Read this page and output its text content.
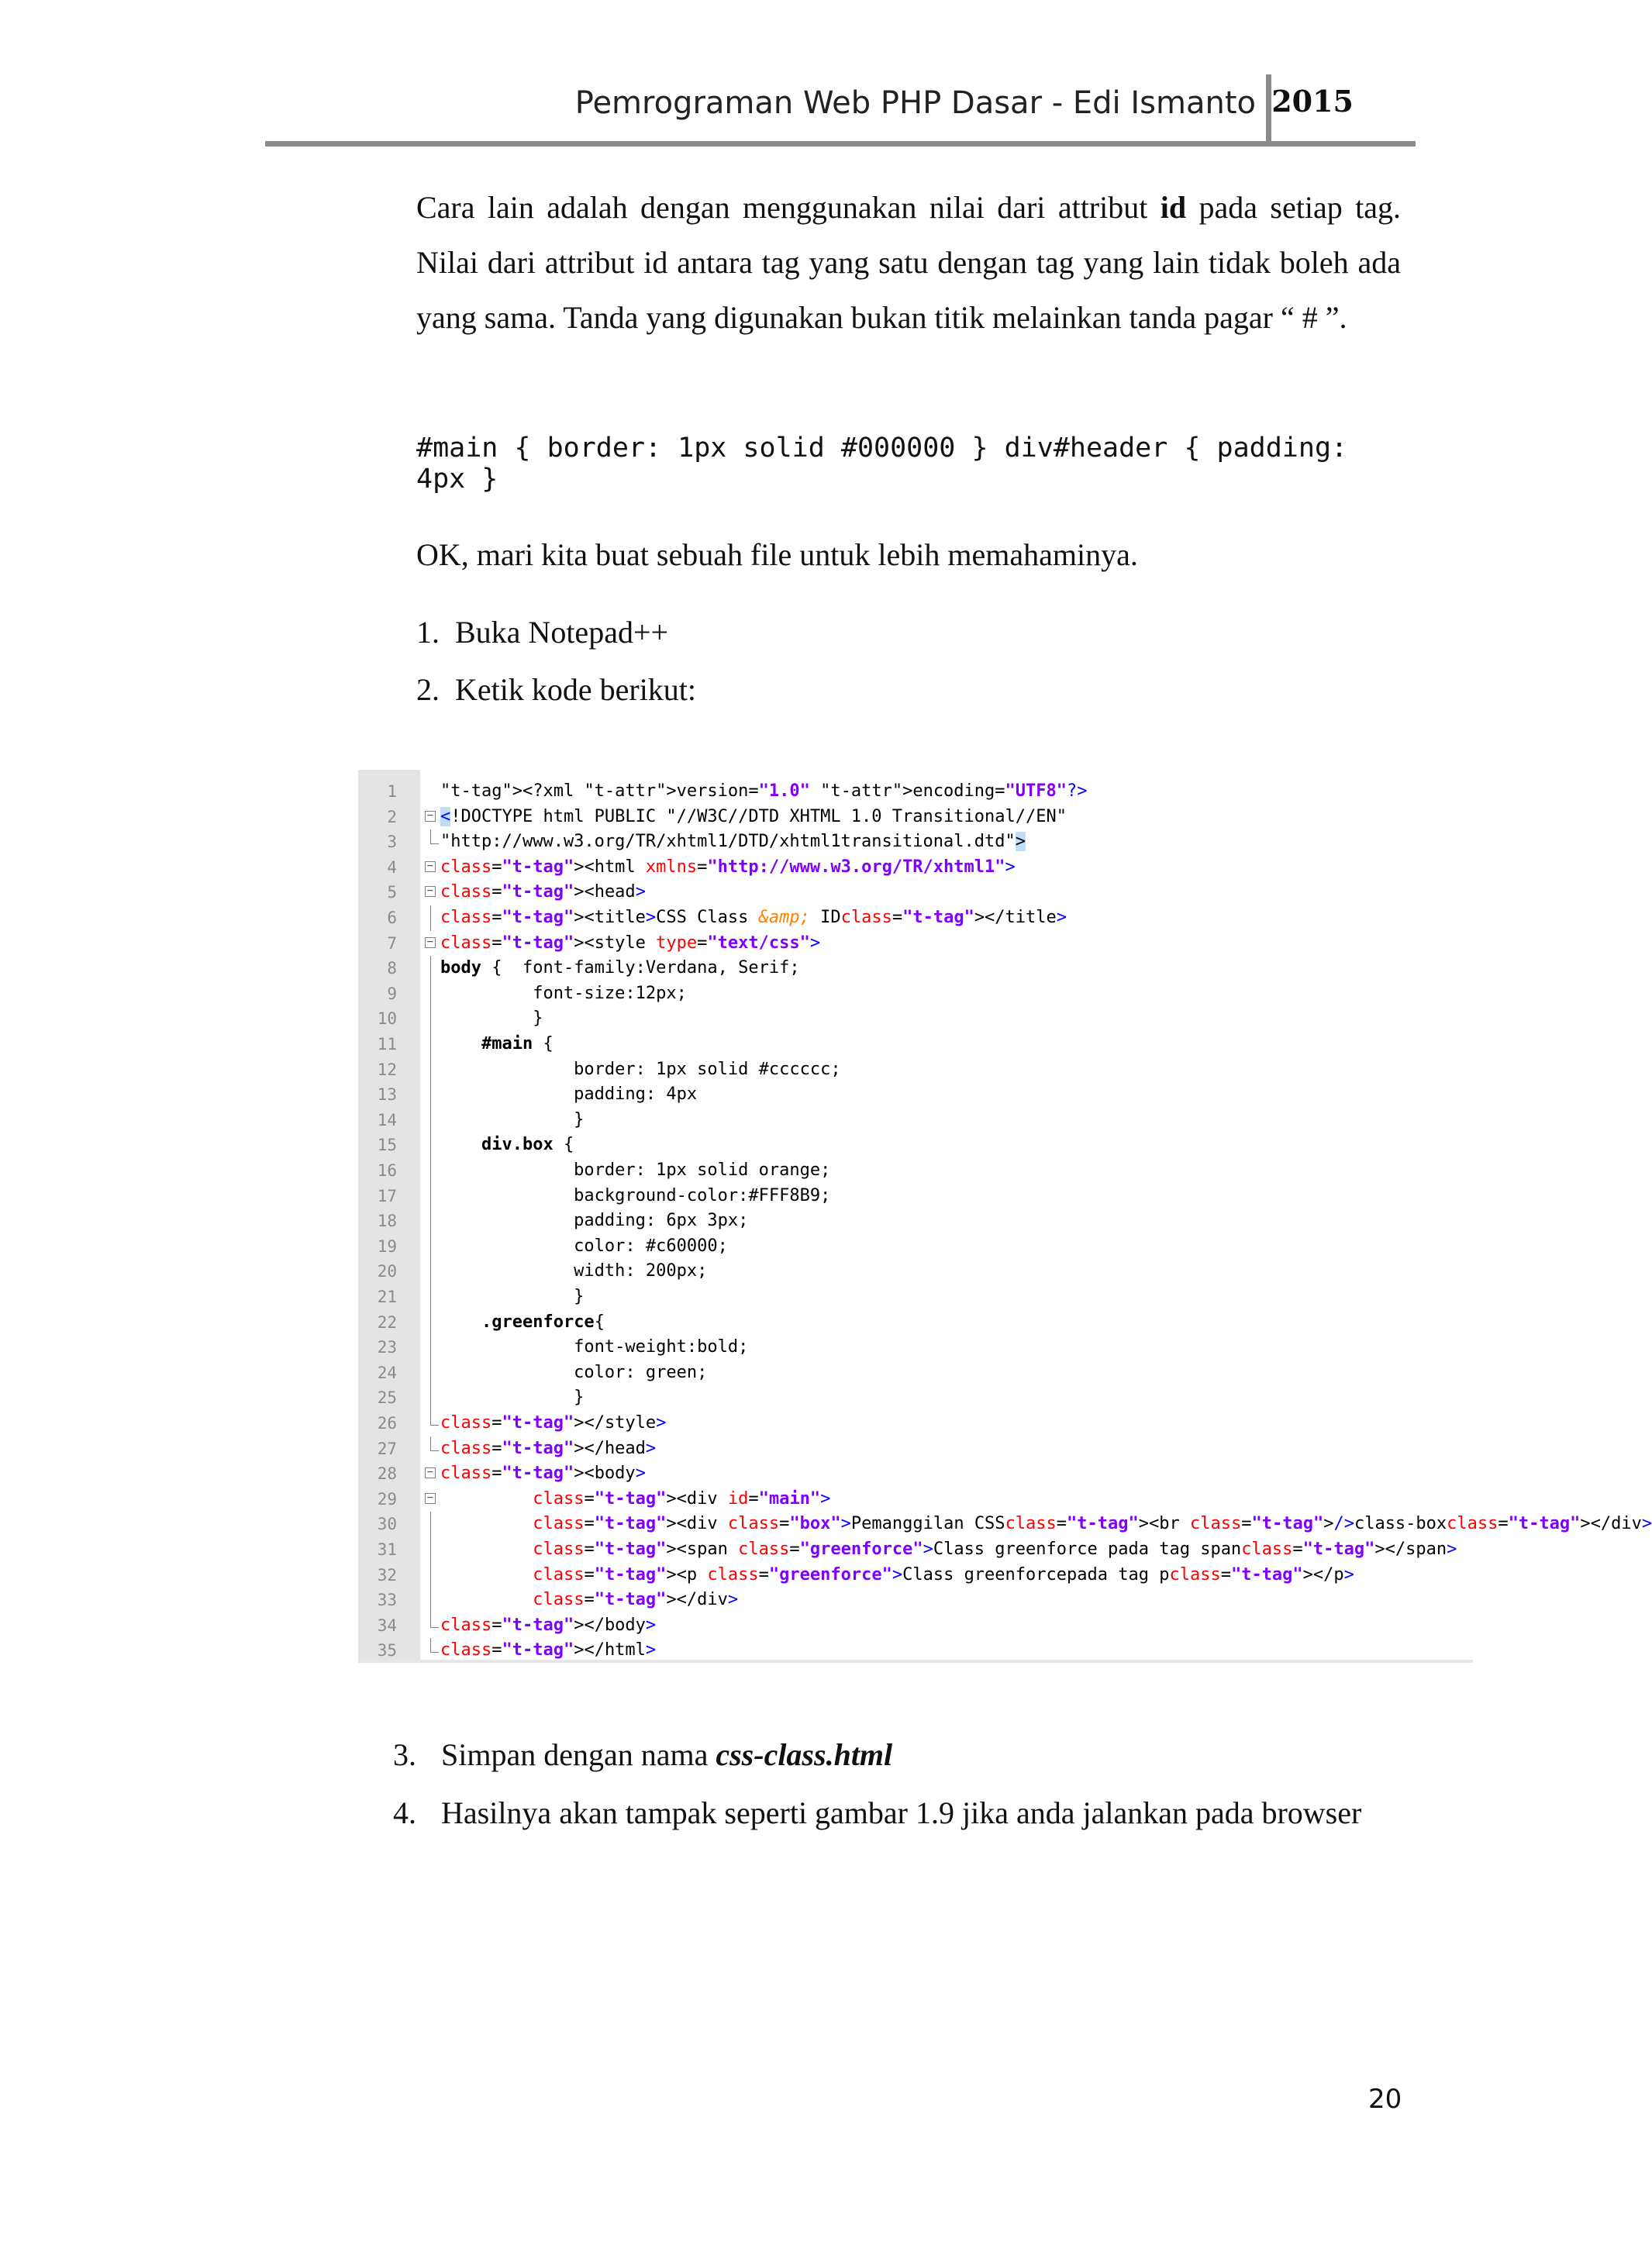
Pemrograman Web PHP Dasar - Edi Ismanto 2015
Cara lain adalah dengan menggunakan nilai dari attribut id pada setiap tag. Nilai dari attribut id antara tag yang satu dengan tag yang lain tidak boleh ada yang sama. Tanda yang digunakan bukan titik melainkan tanda pagar “ # ”.
#main { border: 1px solid #000000 } div#header { padding: 4px }
OK, mari kita buat sebuah file untuk lebih memahaminya.
1. Buka Notepad++
2. Ketik kode berikut:
1	"t-tag"><?xml "t-attr">version="1.0" "t-attr">encoding="UTF8"?>
2	− <!DOCTYPE html PUBLIC "//W3C//DTD XHTML 1.0 Transitional//EN"
3	"http://www.w3.org/TR/xhtml1/DTD/xhtml1transitional.dtd">
4	− class="t-tag"><html xmlns="http://www.w3.org/TR/xhtml1">
5	− class="t-tag"><head>
6	class="t-tag"><title>CSS Class &amp; IDclass="t-tag"></title>
7	− class="t-tag"><style type="text/css">
8	body {  font-family:Verdana, Serif;
9	font-size:12px;
10	}
11	#main {
12	border: 1px solid #cccccc;
13	padding: 4px
14	}
15	div.box {
16	border: 1px solid orange;
17	background-color:#FFF8B9;
18	padding: 6px 3px;
19	color: #c60000;
20	width: 200px;
21	}
22	.greenforce{
23	font-weight:bold;
24	color: green;
25	}
26	class="t-tag"></style>
27	class="t-tag"></head>
28	− class="t-tag"><body>
29	−	class="t-tag"><div id="main">
30	class="t-tag"><div class="box">Pemanggilan CSSclass="t-tag"><br class="t-tag">/>class-boxclass="t-tag"></div>
31	class="t-tag"><span class="greenforce">Class greenforce pada tag spanclass="t-tag"></span>
32	class="t-tag"><p class="greenforce">Class greenforcepada tag pclass="t-tag"></p>
33	class="t-tag"></div>
34	class="t-tag"></body>
35	class="t-tag"></html>
3. Simpan dengan nama css-class.html
4. Hasilnya akan tampak seperti gambar 1.9 jika anda jalankan pada browser
20
